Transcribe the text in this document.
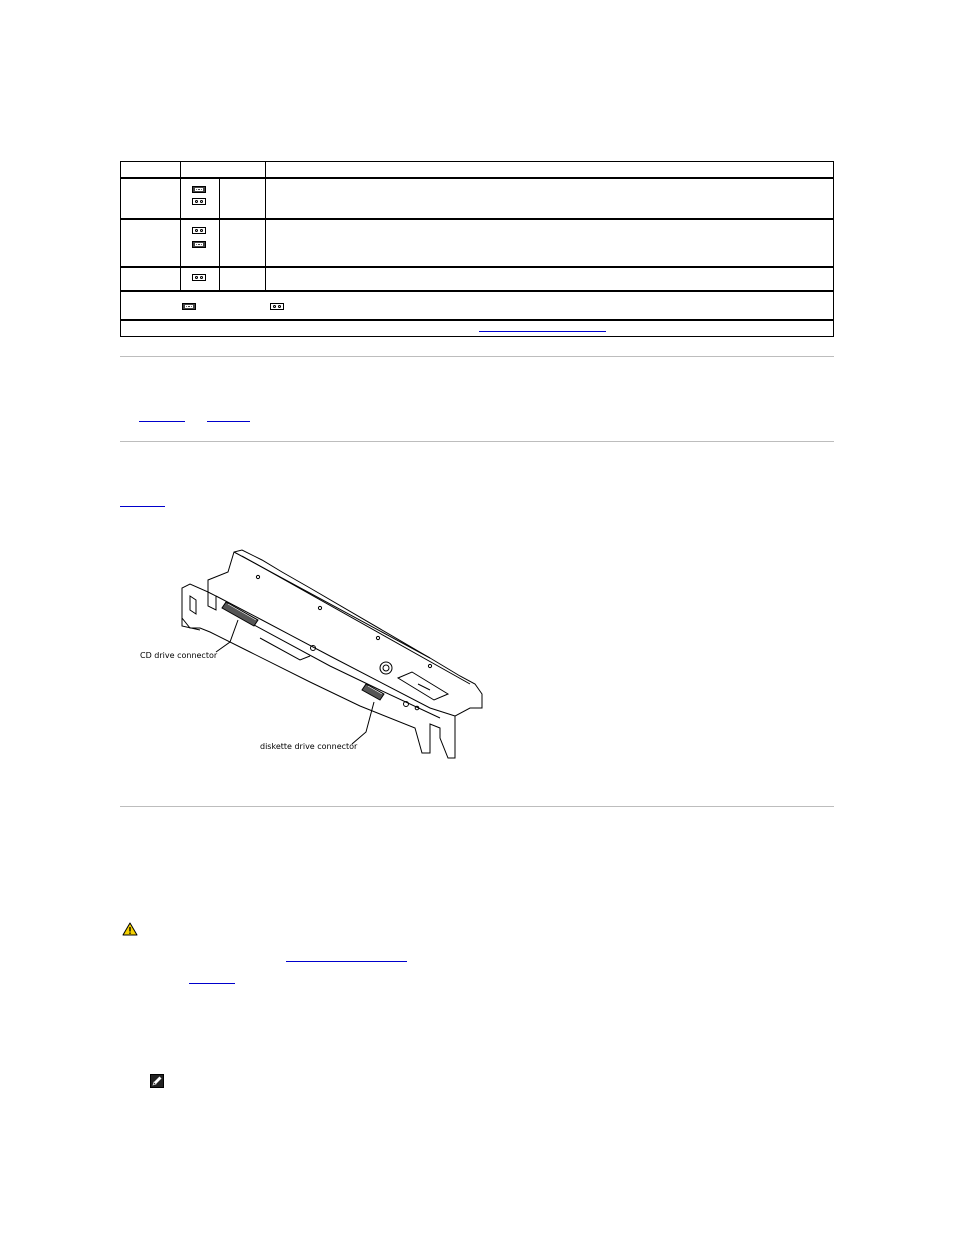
CD drive connector
diskette drive connector
